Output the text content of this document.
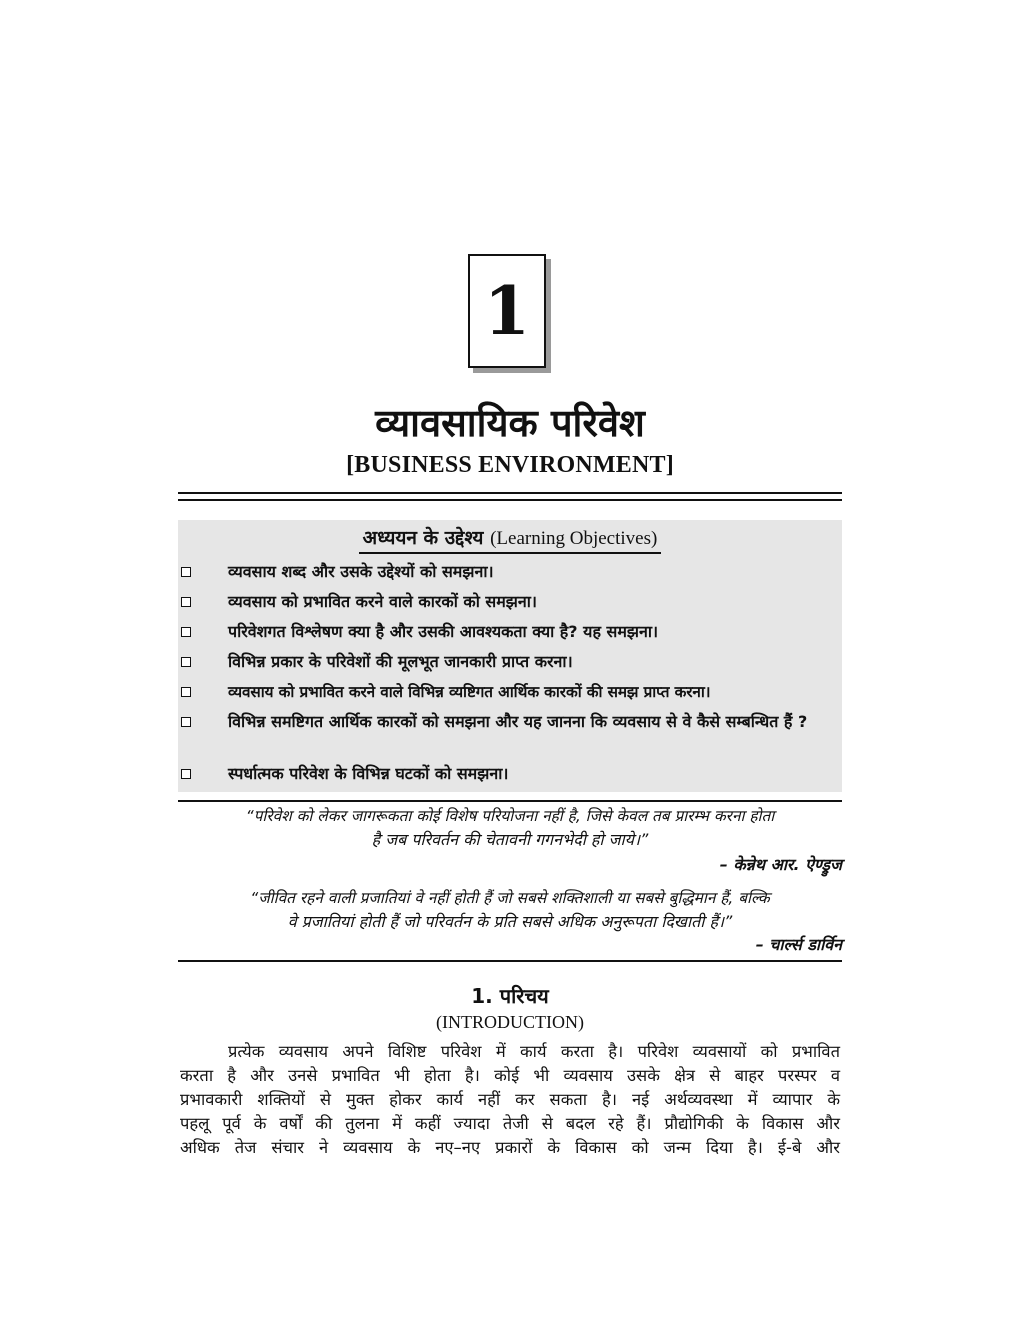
1
व्यावसायिक परिवेश
[BUSINESS ENVIRONMENT]
अध्ययन के उद्देश्य (Learning Objectives)
व्यवसाय शब्द और उसके उद्देश्यों को समझना।
व्यवसाय को प्रभावित करने वाले कारकों को समझना।
परिवेशगत विश्लेषण क्या है और उसकी आवश्यकता क्या है? यह समझना।
विभिन्न प्रकार के परिवेशों की मूलभूत जानकारी प्राप्त करना।
व्यवसाय को प्रभावित करने वाले विभिन्न व्यष्टिगत आर्थिक कारकों की समझ प्राप्त करना।
विभिन्न समष्टिगत आर्थिक कारकों को समझना और यह जानना कि व्यवसाय से वे कैसे सम्बन्धित हैं ?
स्पर्धात्मक परिवेश के विभिन्न घटकों को समझना।
“परिवेश को लेकर जागरूकता कोई विशेष परियोजना नहीं है, जिसे केवल तब प्रारम्भ करना होता
है जब परिवर्तन की चेतावनी गगनभेदी हो जाये।”
– केन्नेथ आर. ऐण्ड्रुज
“जीवित रहने वाली प्रजातियां वे नहीं होती हैं जो सबसे शक्तिशाली या सबसे बुद्धिमान हैं, बल्कि
वे प्रजातियां होती हैं जो परिवर्तन के प्रति सबसे अधिक अनुरूपता दिखाती हैं।”
– चार्ल्स डार्विन
1. परिचय
(INTRODUCTION)
प्रत्येक व्यवसाय अपने विशिष्ट परिवेश में कार्य करता है। परिवेश व्यवसायों को प्रभावित
करता है और उनसे प्रभावित भी होता है। कोई भी व्यवसाय उसके क्षेत्र से बाहर परस्पर व
प्रभावकारी शक्तियों से मुक्त होकर कार्य नहीं कर सकता है। नई अर्थव्यवस्था में व्यापार के
पहलू पूर्व के वर्षों की तुलना में कहीं ज्यादा तेजी से बदल रहे हैं। प्रौद्योगिकी के विकास और
अधिक तेज संचार ने व्यवसाय के नए–नए प्रकारों के विकास को जन्म दिया है। ई-बे और
